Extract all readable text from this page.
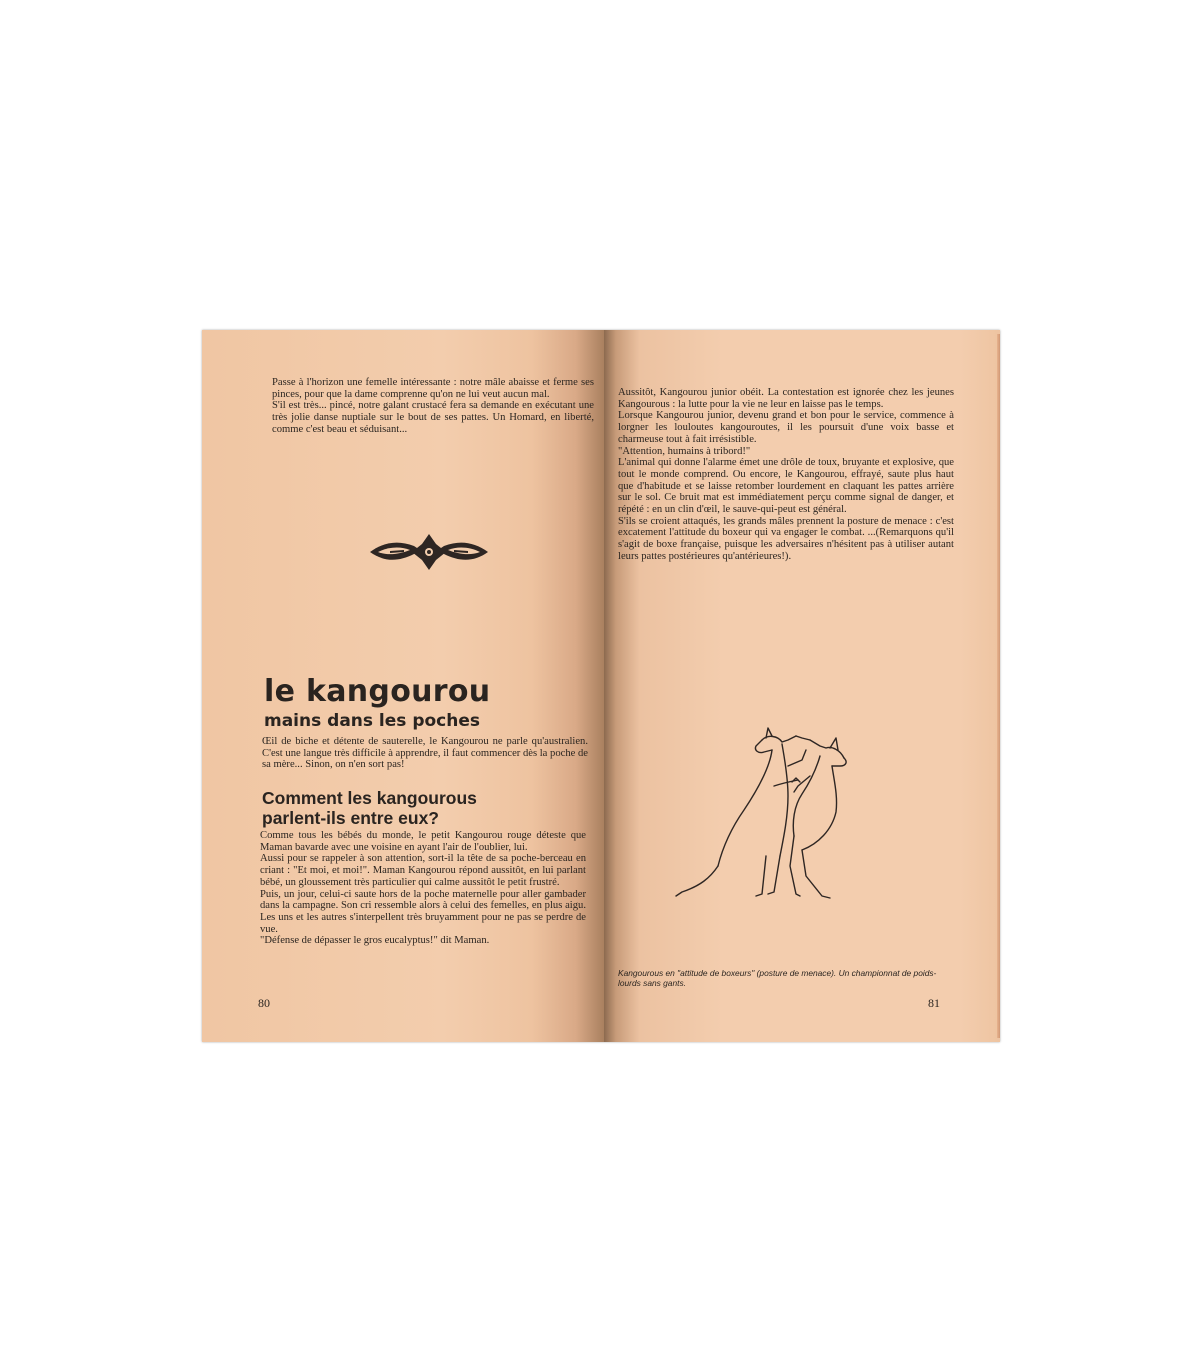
Passe à l'horizon une femelle intéressante : notre mâle abaisse et ferme ses pinces, pour que la dame comprenne qu'on ne lui veut aucun mal.

S'il est très... pincé, notre galant crustacé fera sa demande en exécutant une très jolie danse nuptiale sur le bout de ses pattes. Un Homard, en liberté, comme c'est beau et séduisant...

le kangourou
mains dans les poches

Œil de biche et détente de sauterelle, le Kangourou ne parle qu'australien. C'est une langue très difficile à apprendre, il faut commencer dès la poche de sa mère... Sinon, on n'en sort pas!

Comment les kangourous
parlent-ils entre eux?

Comme tous les bébés du monde, le petit Kangourou rouge déteste que Maman bavarde avec une voisine en ayant l'air de l'oublier, lui.

Aussi pour se rappeler à son attention, sort-il la tête de sa poche-berceau en criant : "Et moi, et moi!". Maman Kangourou répond aussitôt, en lui parlant bébé, un gloussement très particulier qui calme aussitôt le petit frustré.

Puis, un jour, celui-ci saute hors de la poche maternelle pour aller gambader dans la campagne. Son cri ressemble alors à celui des femelles, en plus aigu. Les uns et les autres s'interpellent très bruyamment pour ne pas se perdre de vue.

"Défense de dépasser le gros eucalyptus!" dit Maman.

80

Aussitôt, Kangourou junior obéit. La contestation est ignorée chez les jeunes Kangourous : la lutte pour la vie ne leur en laisse pas le temps.

Lorsque Kangourou junior, devenu grand et bon pour le service, commence à lorgner les louloutes kangouroutes, il les poursuit d'une voix basse et charmeuse tout à fait irrésistible.

"Attention, humains à tribord!"

L'animal qui donne l'alarme émet une drôle de toux, bruyante et explosive, que tout le monde comprend. Ou encore, le Kangourou, effrayé, saute plus haut que d'habitude et se laisse retomber lourdement en claquant les pattes arrière sur le sol. Ce bruit mat est immédiatement perçu comme signal de danger, et répété : en un clin d'œil, le sauve-qui-peut est général.

S'ils se croient attaqués, les grands mâles prennent la posture de menace : c'est excatement l'attitude du boxeur qui va engager le combat. ...(Remarquons qu'il s'agit de boxe française, puisque les adversaires n'hésitent pas à utiliser autant leurs pattes postérieures qu'antérieures!).

Kangourous en "attitude de boxeurs" (posture de menace). Un championnat de poids-lourds sans gants.

81
